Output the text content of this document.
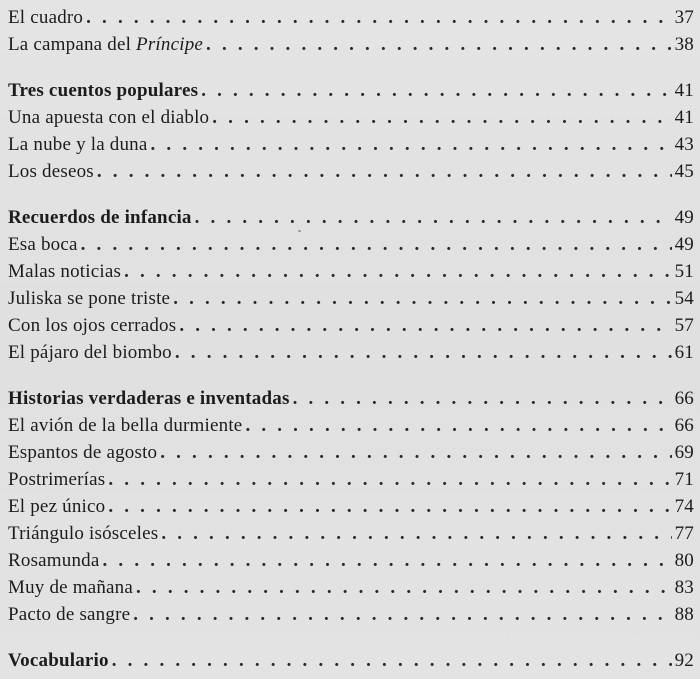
El cuadro . . .	37
La campana del Príncipe . . .	38
Tres cuentos populares . . .	41
Una apuesta con el diablo . . .	41
La nube y la duna . . .	43
Los deseos . . .	45
Recuerdos de infancia . . .	49
Esa boca . . .	49
Malas noticias . . .	51
Juliska se pone triste . . .	54
Con los ojos cerrados . . .	57
El pájaro del biombo . . .	61
Historias verdaderas e inventadas . . .	66
El avión de la bella durmiente . . .	66
Espantos de agosto . . .	69
Postrimerías . . .	71
El pez único . . .	74
Triángulo isósceles . . .	77
Rosamunda . . .	80
Muy de mañana . . .	83
Pacto de sangre . . .	88
Vocabulario . . .	92
